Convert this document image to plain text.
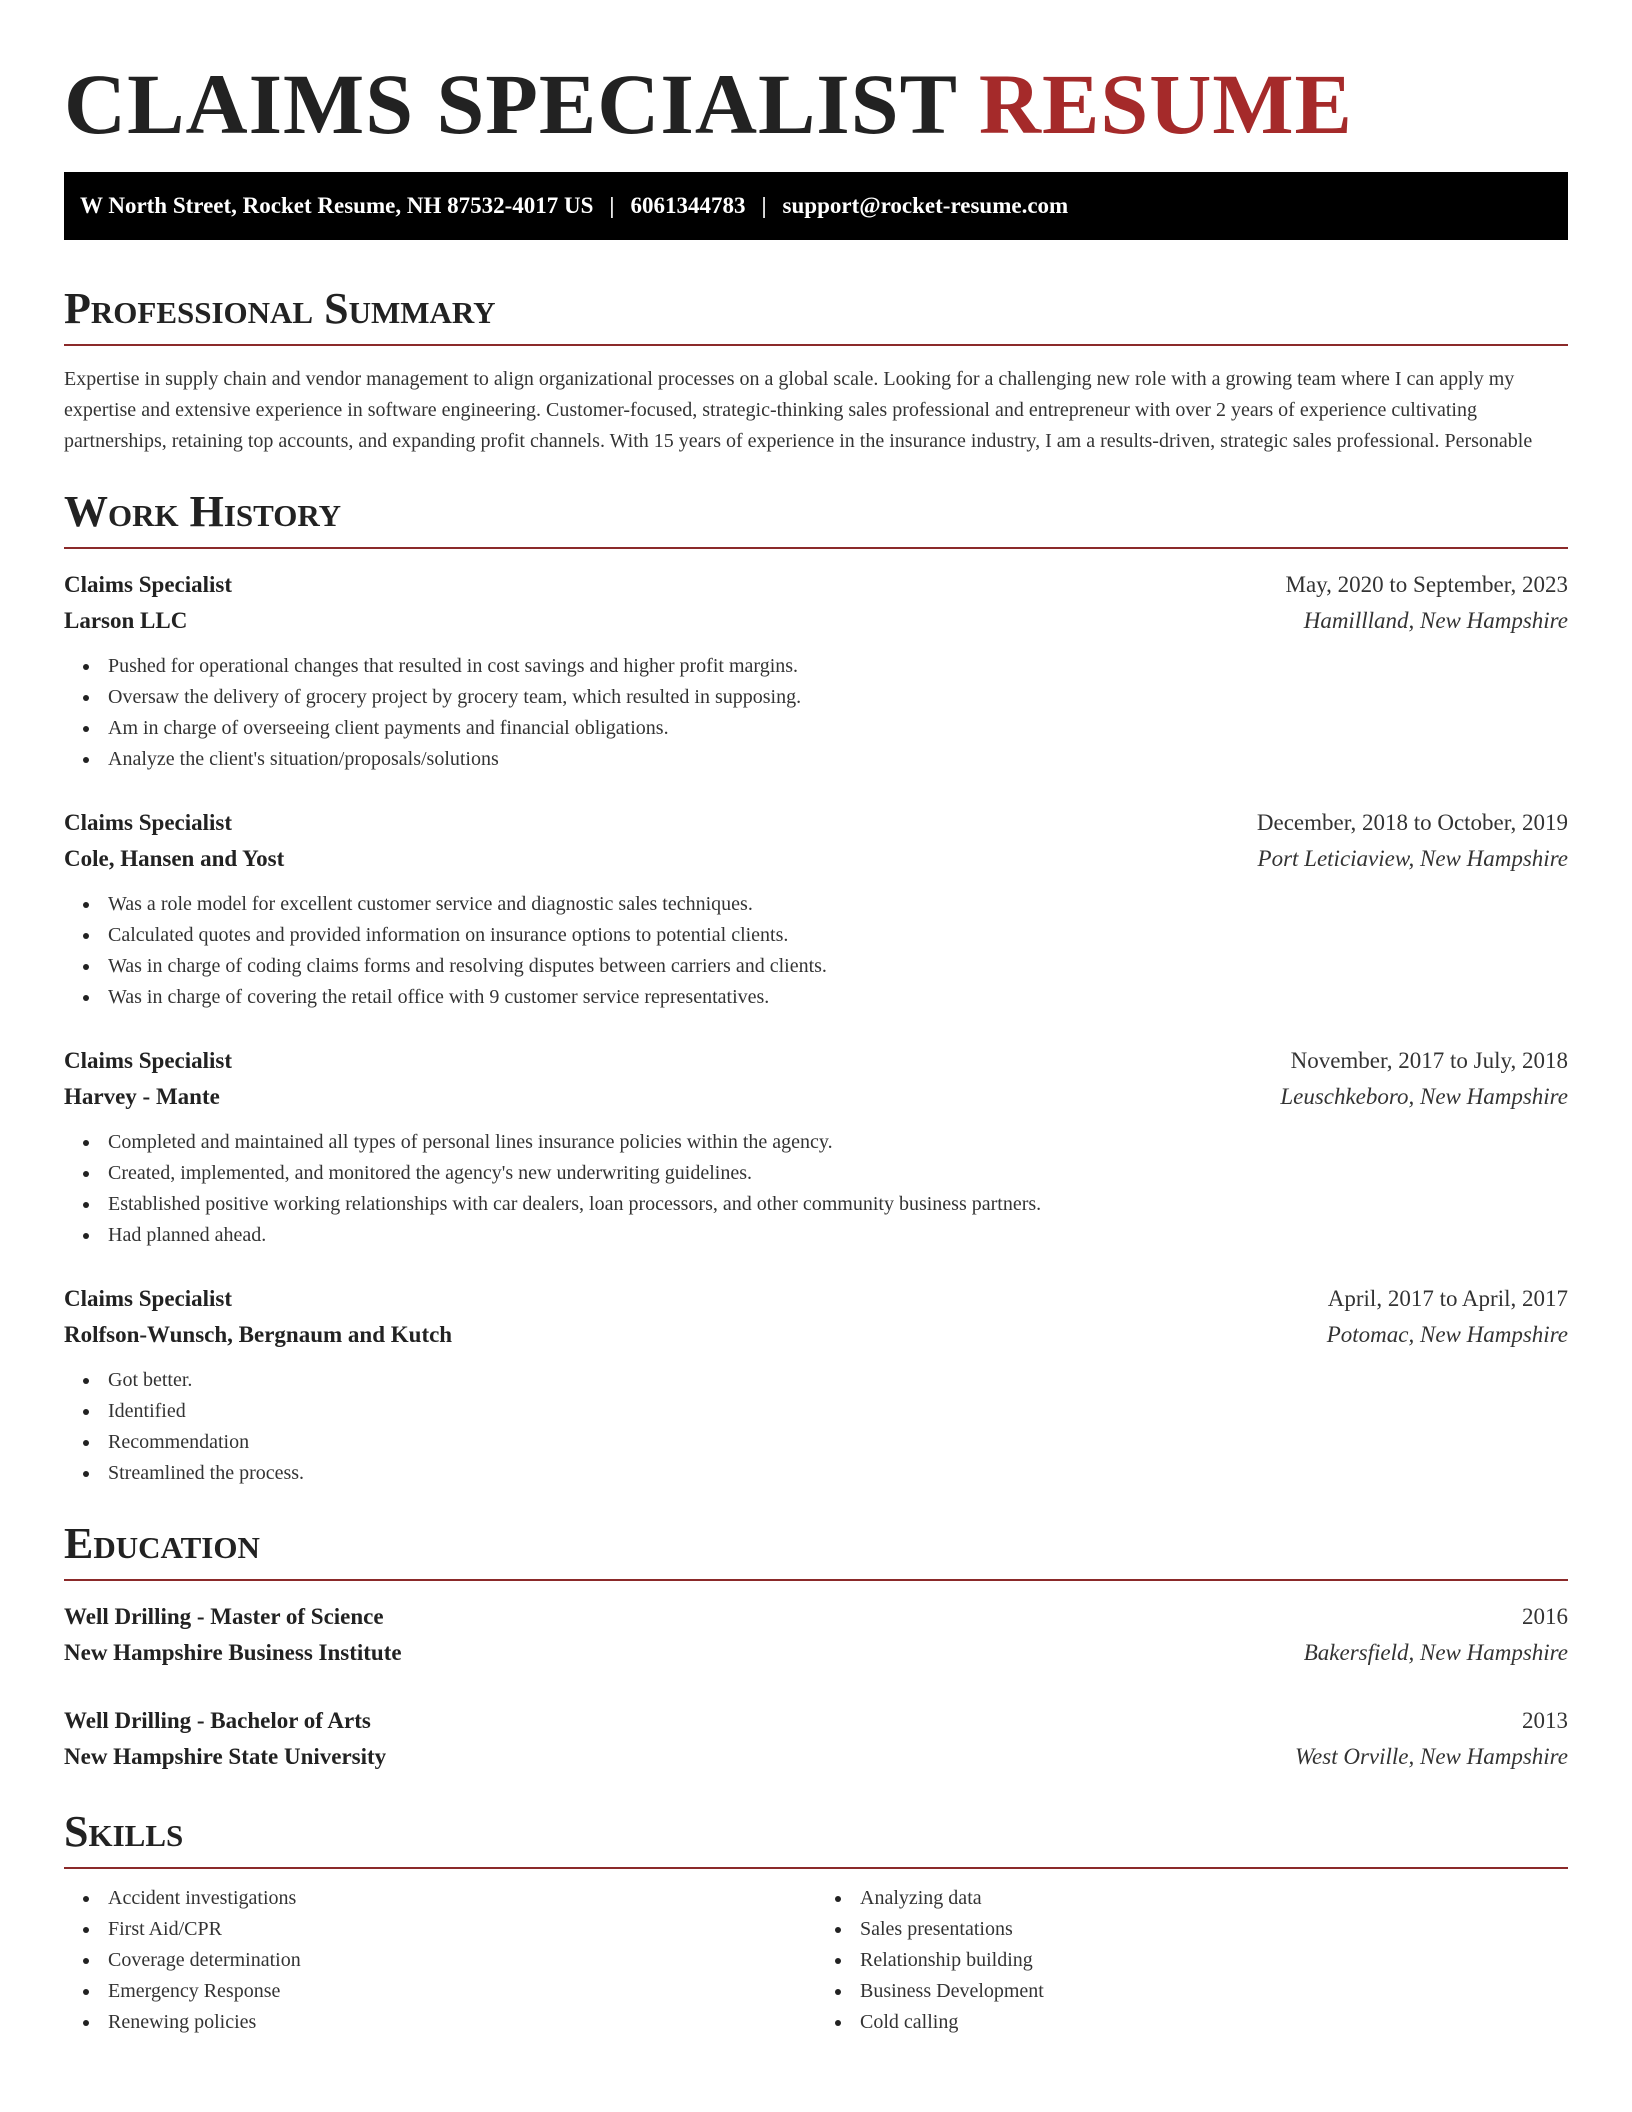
CLAIMS SPECIALIST RESUME
W North Street, Rocket Resume, NH 87532-4017 US | 6061344783 | support@rocket-resume.com
Professional Summary

Expertise in supply chain and vendor management to align organizational processes on a global scale. Looking for a challenging new role with a growing team where I can apply my expertise and extensive experience in software engineering. Customer-focused, strategic-thinking sales professional and entrepreneur with over 2 years of experience cultivating partnerships, retaining top accounts, and expanding profit channels. With 15 years of experience in the insurance industry, I am a results-driven, strategic sales professional. Personable

Work History
Claims Specialist	May, 2020 to September, 2023
Larson LLC	Hamillland, New Hampshire
Pushed for operational changes that resulted in cost savings and higher profit margins.
Oversaw the delivery of grocery project by grocery team, which resulted in supposing.
Am in charge of overseeing client payments and financial obligations.
Analyze the client's situation/proposals/solutions
Claims Specialist	December, 2018 to October, 2019
Cole, Hansen and Yost	Port Leticiaview, New Hampshire
Was a role model for excellent customer service and diagnostic sales techniques.
Calculated quotes and provided information on insurance options to potential clients.
Was in charge of coding claims forms and resolving disputes between carriers and clients.
Was in charge of covering the retail office with 9 customer service representatives.
Claims Specialist	November, 2017 to July, 2018
Harvey - Mante	Leuschkeboro, New Hampshire
Completed and maintained all types of personal lines insurance policies within the agency.
Created, implemented, and monitored the agency's new underwriting guidelines.
Established positive working relationships with car dealers, loan processors, and other community business partners.
Had planned ahead.
Claims Specialist	April, 2017 to April, 2017
Rolfson-Wunsch, Bergnaum and Kutch	Potomac, New Hampshire
Got better.
Identified
Recommendation
Streamlined the process.
Education
Well Drilling - Master of Science	2016
New Hampshire Business Institute	Bakersfield, New Hampshire
Well Drilling - Bachelor of Arts	2013
New Hampshire State University	West Orville, New Hampshire
Skills
Accident investigations
First Aid/CPR
Coverage determination
Emergency Response
Renewing policies
Analyzing data
Sales presentations
Relationship building
Business Development
Cold calling
